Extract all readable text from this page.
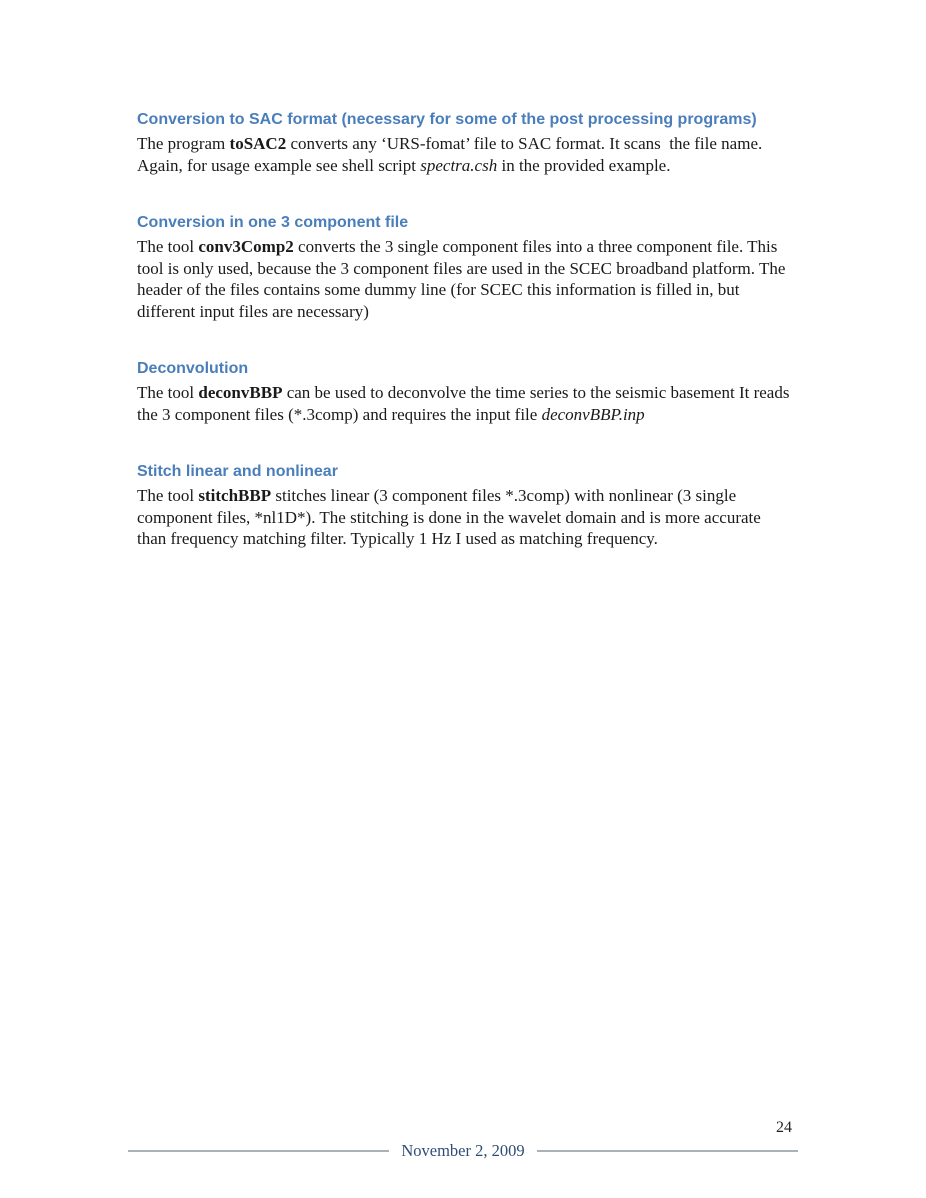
Conversion to SAC format (necessary for some of the post processing programs)

The program toSAC2 converts any ‘URS-fomat’ file to SAC format. It scans  the file name. Again, for usage example see shell script spectra.csh in the provided example.

Conversion in one 3 component file

The tool conv3Comp2 converts the 3 single component files into a three component file. This tool is only used, because the 3 component files are used in the SCEC broadband platform. The header of the files contains some dummy line (for SCEC this information is filled in, but different input files are necessary)

Deconvolution

The tool deconvBBP can be used to deconvolve the time series to the seismic basement It reads the 3 component files (*.3comp) and requires the input file deconvBBP.inp

Stitch linear and nonlinear

The tool stitchBBP stitches linear (3 component files *.3comp) with nonlinear (3 single component files, *nl1D*). The stitching is done in the wavelet domain and is more accurate than frequency matching filter. Typically 1 Hz I used as matching frequency.

24
November 2, 2009
